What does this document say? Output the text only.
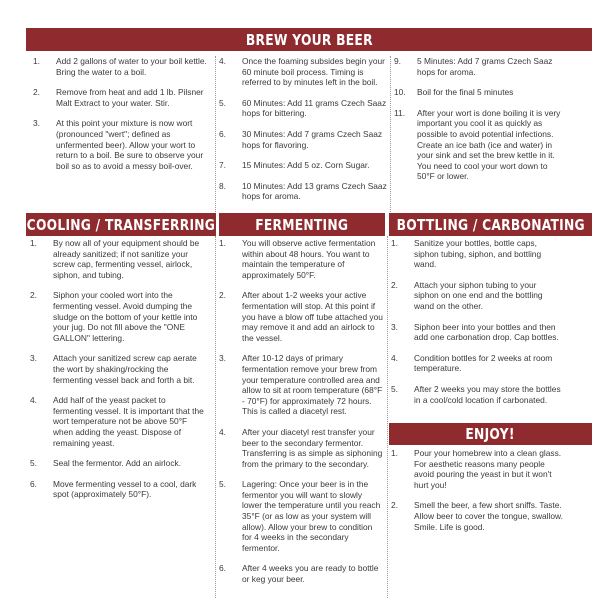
BREW YOUR BEER
1.	Add 2 gallons of water to your boil kettle. Bring the water to a boil.
2.	Remove from heat and add 1 lb. Pilsner Malt Extract to your water. Stir.
3.	At this point your mixture is now wort (pronounced "wert"; defined as unfermented beer). Allow your wort to return to a boil. Be sure to observe your boil so as to avoid a messy boil-over.
4.	Once the foaming subsides begin your 60 minute boil process. Timing is referred to by minutes left in the boil.
5.	60 Minutes: Add 11 grams Czech Saaz hops for bittering.
6.	30 Minutes: Add 7 grams Czech Saaz hops for flavoring.
7.	15 Minutes: Add 5 oz. Corn Sugar.
8.	10 Minutes: Add 13 grams Czech Saaz hops for aroma.
9.	5 Minutes: Add 7 grams Czech Saaz hops for aroma.
10.	Boil for the final 5 minutes
11.	After your wort is done boiling it is very important you cool it as quickly as possible to avoid potential infections. Create an ice bath (ice and water) in your sink and set the brew kettle in it. You need to cool your wort down to 50°F or lower.
COOLING / TRANSFERRING	FERMENTING	BOTTLING / CARBONATING
1.	By now all of your equipment should be already sanitized; if not sanitize your screw cap, fermenting vessel, airlock, siphon, and tubing.
2.	Siphon your cooled wort into the fermenting vessel. Avoid dumping the sludge on the bottom of your kettle into your jug. Do not fill above the "ONE GALLON" lettering.
3.	Attach your sanitized screw cap aerate the wort by shaking/rocking the fermenting vessel back and forth a bit.
4.	Add half of the yeast packet to fermenting vessel. It is important that the wort temperature not be above 50°F when adding the yeast. Dispose of remaining yeast.
5.	Seal the fermentor. Add an airlock.
6.	Move fermenting vessel to a cool, dark spot (approximately 50°F).
1.	You will observe active fermentation within about 48 hours. You want to maintain the temperature of approximately 50°F.
2.	After about 1-2 weeks your active fermentation will stop. At this point if you have a blow off tube attached you may remove it and add an airlock to the vessel.
3.	After 10-12 days of primary fermentation remove your brew from your temperature controlled area and allow to sit at room temperature (68°F - 70°F) for approximately 72 hours. This is called a diacetyl rest.
4.	After your diacetyl rest transfer your beer to the secondary fermentor. Transferring is as simple as siphoning from the primary to the secondary.
5.	Lagering: Once your beer is in the fermentor you will want to slowly lower the temperature until you reach 35°F (or as low as your system will allow). Allow your brew to condition for 4 weeks in the secondary fermentor.
6.	After 4 weeks you are ready to bottle or keg your beer.
1.	Sanitize your bottles, bottle caps, siphon tubing, siphon, and bottling wand.
2.	Attach your siphon tubing to your siphon on one end and the bottling wand on the other.
3.	Siphon beer into your bottles and then add one carbonation drop. Cap bottles.
4.	Condition bottles for 2 weeks at room temperature.
5.	After 2 weeks you may store the bottles in a cool/cold location if carbonated.
ENJOY!
1.	Pour your homebrew into a clean glass. For aesthetic reasons many people avoid pouring the yeast in but it won't hurt you!
2.	Smell the beer, a few short sniffs. Taste. Allow beer to cover the tongue, swallow. Smile. Life is good.
